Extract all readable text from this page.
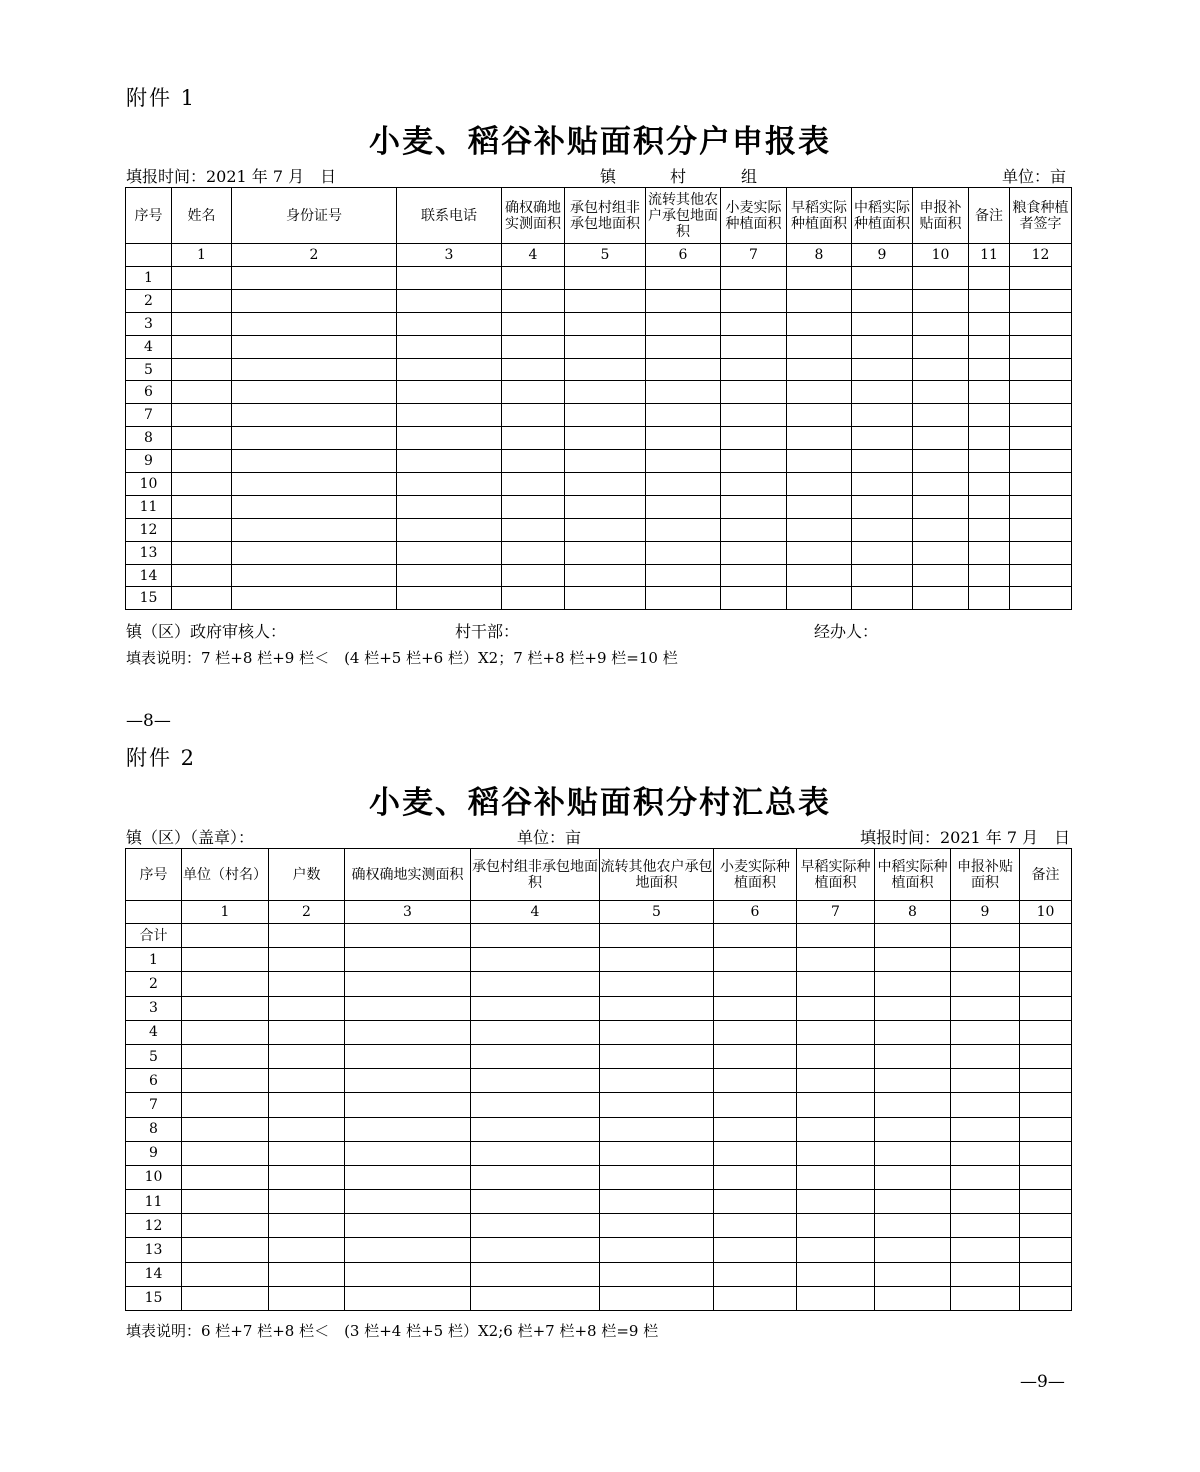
附件 1
小麦、稻谷补贴面积分户申报表
填报时间：2021 年 7 月　日	镇	村	组	单位：亩
序号	姓名	身份证号	联系电话	确权确地实测面积	承包村组非承包地面积	流转其他农户承包地面积	小麦实际种植面积	早稻实际种植面积	中稻实际种植面积	申报补贴面积	备注	粮食种植者签字
	1	2	3	4	5	6	7	8	9	10	11	12
1												
2												
3												
4												
5												
6												
7												
8												
9												
10												
11												
12												
13												
14												
15												
镇（区）政府审核人：	村干部：	经办人：
填表说明：7 栏+8 栏+9 栏＜　(4 栏+5 栏+6 栏）X2；7 栏+8 栏+9 栏=10 栏
—8—
附件 2
小麦、稻谷补贴面积分村汇总表
镇（区）（盖章）：	单位：亩	填报时间：2021 年 7 月　日
序号	单位（村名）	户数	确权确地实测面积	承包村组非承包地面积	流转其他农户承包地面积	小麦实际种植面积	早稻实际种植面积	中稻实际种植面积	申报补贴面积	备注
	1	2	3	4	5	6	7	8	9	10
合计										
1										
2										
3										
4										
5										
6										
7										
8										
9										
10										
11										
12										
13										
14										
15										
填表说明：6 栏+7 栏+8 栏＜　(3 栏+4 栏+5 栏）X2;6 栏+7 栏+8 栏=9 栏
—9—
